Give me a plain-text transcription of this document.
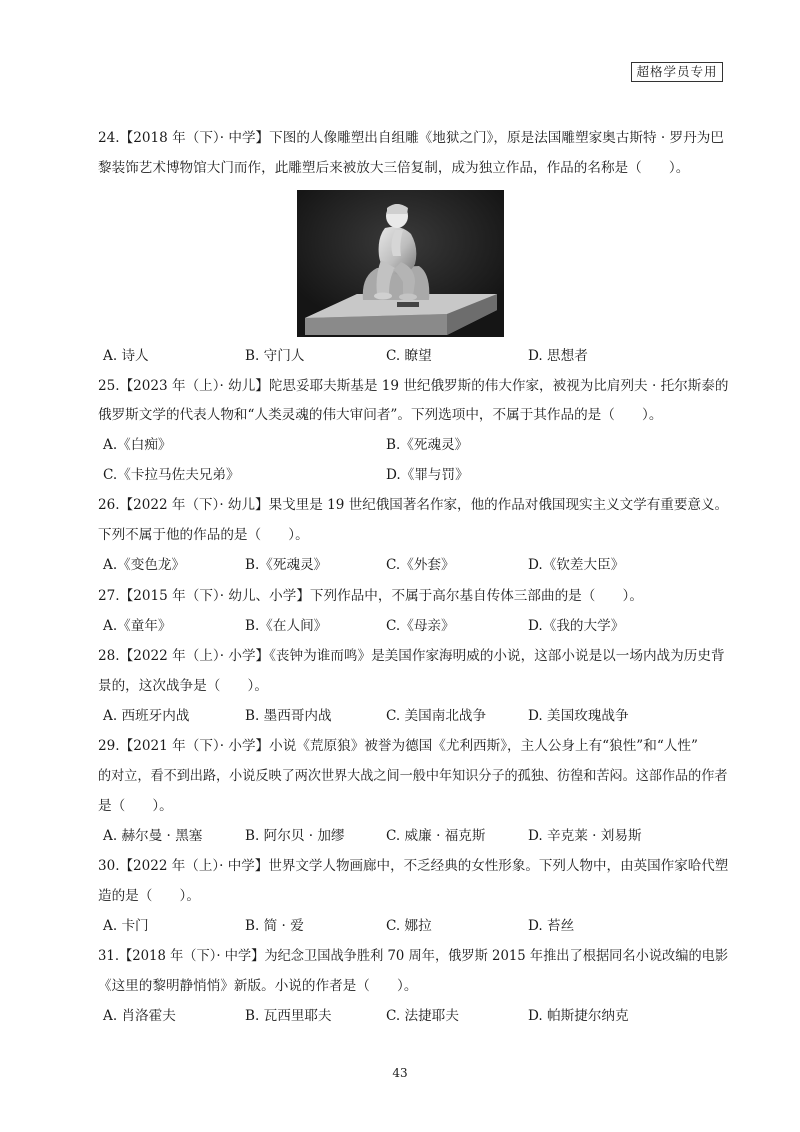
超格学员专用
24.【2018 年（下）· 中学】下图的人像雕塑出自组雕《地狱之门》，原是法国雕塑家奥古斯特 · 罗丹为巴
黎装饰艺术博物馆大门而作，此雕塑后来被放大三倍复制，成为独立作品，作品的名称是（　　）。
A. 诗人	B. 守门人	C. 瞭望	D. 思想者
25.【2023 年（上）· 幼儿】陀思妥耶夫斯基是 19 世纪俄罗斯的伟大作家，被视为比肩列夫 · 托尔斯泰的
俄罗斯文学的代表人物和“人类灵魂的伟大审问者”。下列选项中，不属于其作品的是（　　）。
A.《白痴》	B.《死魂灵》
C.《卡拉马佐夫兄弟》	D.《罪与罚》
26.【2022 年（下）· 幼儿】果戈里是 19 世纪俄国著名作家，他的作品对俄国现实主义文学有重要意义。
下列不属于他的作品的是（　　）。
A.《变色龙》	B.《死魂灵》	C.《外套》	D.《钦差大臣》
27.【2015 年（下）· 幼儿、小学】下列作品中，不属于高尔基自传体三部曲的是（　　）。
A.《童年》	B.《在人间》	C.《母亲》	D.《我的大学》
28.【2022 年（上）· 小学】《丧钟为谁而鸣》是美国作家海明威的小说，这部小说是以一场内战为历史背
景的，这次战争是（　　）。
A. 西班牙内战	B. 墨西哥内战	C. 美国南北战争	D. 美国玫瑰战争
29.【2021 年（下）· 小学】小说《荒原狼》被誉为德国《尤利西斯》，主人公身上有“狼性”和“人性”
的对立，看不到出路，小说反映了两次世界大战之间一般中年知识分子的孤独、彷徨和苦闷。这部作品的作者
是（　　）。
A. 赫尔曼 · 黑塞	B. 阿尔贝 · 加缪	C. 威廉 · 福克斯	D. 辛克莱 · 刘易斯
30.【2022 年（上）· 中学】世界文学人物画廊中，不乏经典的女性形象。下列人物中，由英国作家哈代塑
造的是（　　）。
A. 卡门	B. 简 · 爱	C. 娜拉	D. 苔丝
31.【2018 年（下）· 中学】为纪念卫国战争胜利 70 周年，俄罗斯 2015 年推出了根据同名小说改编的电影
《这里的黎明静悄悄》新版。小说的作者是（　　）。
A. 肖洛霍夫	B. 瓦西里耶夫	C. 法捷耶夫	D. 帕斯捷尔纳克
43
